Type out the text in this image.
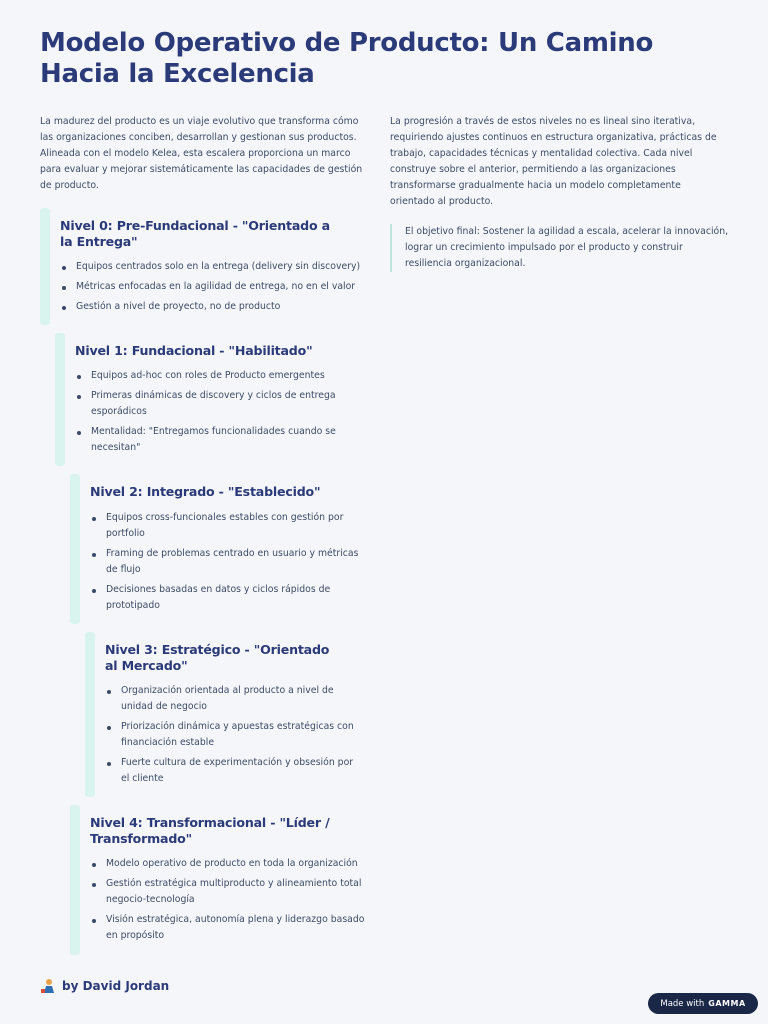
Modelo Operativo de Producto: Un Camino
Hacia la Excelencia

La madurez del producto es un viaje evolutivo que transforma cómo
las organizaciones conciben, desarrollan y gestionan sus productos.
Alineada con el modelo Kelea, esta escalera proporciona un marco
para evaluar y mejorar sistemáticamente las capacidades de gestión
de producto.

La progresión a través de estos niveles no es lineal sino iterativa,
requiriendo ajustes continuos en estructura organizativa, prácticas de
trabajo, capacidades técnicas y mentalidad colectiva. Cada nivel
construye sobre el anterior, permitiendo a las organizaciones
transformarse gradualmente hacia un modelo completamente
orientado al producto.

El objetivo final: Sostener la agilidad a escala, acelerar la innovación,
lograr un crecimiento impulsado por el producto y construir
resiliencia organizacional.
Nivel 0: Pre-Fundacional - "Orientado a
la Entrega"
Equipos centrados solo en la entrega (delivery sin discovery)
Métricas enfocadas en la agilidad de entrega, no en el valor
Gestión a nivel de proyecto, no de producto
Nivel 1: Fundacional - "Habilitado"
Equipos ad-hoc con roles de Producto emergentes
Primeras dinámicas de discovery y ciclos de entrega
esporádicos
Mentalidad: "Entregamos funcionalidades cuando se
necesitan"
Nivel 2: Integrado - "Establecido"
Equipos cross-funcionales estables con gestión por
portfolio
Framing de problemas centrado en usuario y métricas
de flujo
Decisiones basadas en datos y ciclos rápidos de
prototipado
Nivel 3: Estratégico - "Orientado
al Mercado"
Organización orientada al producto a nivel de
unidad de negocio
Priorización dinámica y apuestas estratégicas con
financiación estable
Fuerte cultura de experimentación y obsesión por
el cliente
Nivel 4: Transformacional - "Líder /
Transformado"
Modelo operativo de producto en toda la organización
Gestión estratégica multiproducto y alineamiento total
negocio-tecnología
Visión estratégica, autonomía plena y liderazgo basado
en propósito
by David Jordan
Made with GAMMA
